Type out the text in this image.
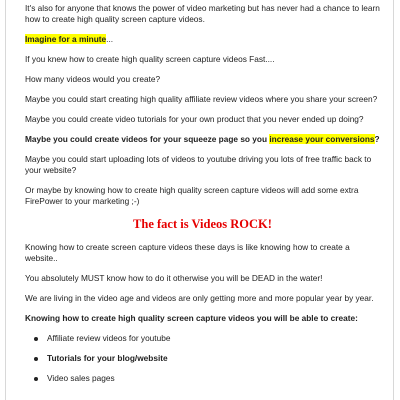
It's also for anyone that knows the power of video marketing but has never had a chance to learn how to create high quality screen capture videos.

Imagine for a minute...

If you knew how to create high quality screen capture videos Fast....

How many videos would you create?

Maybe you could start creating high quality affiliate review videos where you share your screen?

Maybe you could create video tutorials for your own product that you never ended up doing?

Maybe you could create videos for your squeeze page so you increase your conversions?

Maybe you could start uploading lots of videos to youtube driving you lots of free traffic back to your website?

Or maybe by knowing how to create high quality screen capture videos will add some extra FirePower to your marketing ;-)

The fact is Videos ROCK!

Knowing how to create screen capture videos these days is like knowing how to create a website..

You absolutely MUST know how to do it otherwise you will be DEAD in the water!

We are living in the video age and videos are only getting more and more popular year by year.

Knowing how to create high quality screen capture videos you will be able to create:

Affiliate review videos for youtube
Tutorials for your blog/website
Video sales pages
